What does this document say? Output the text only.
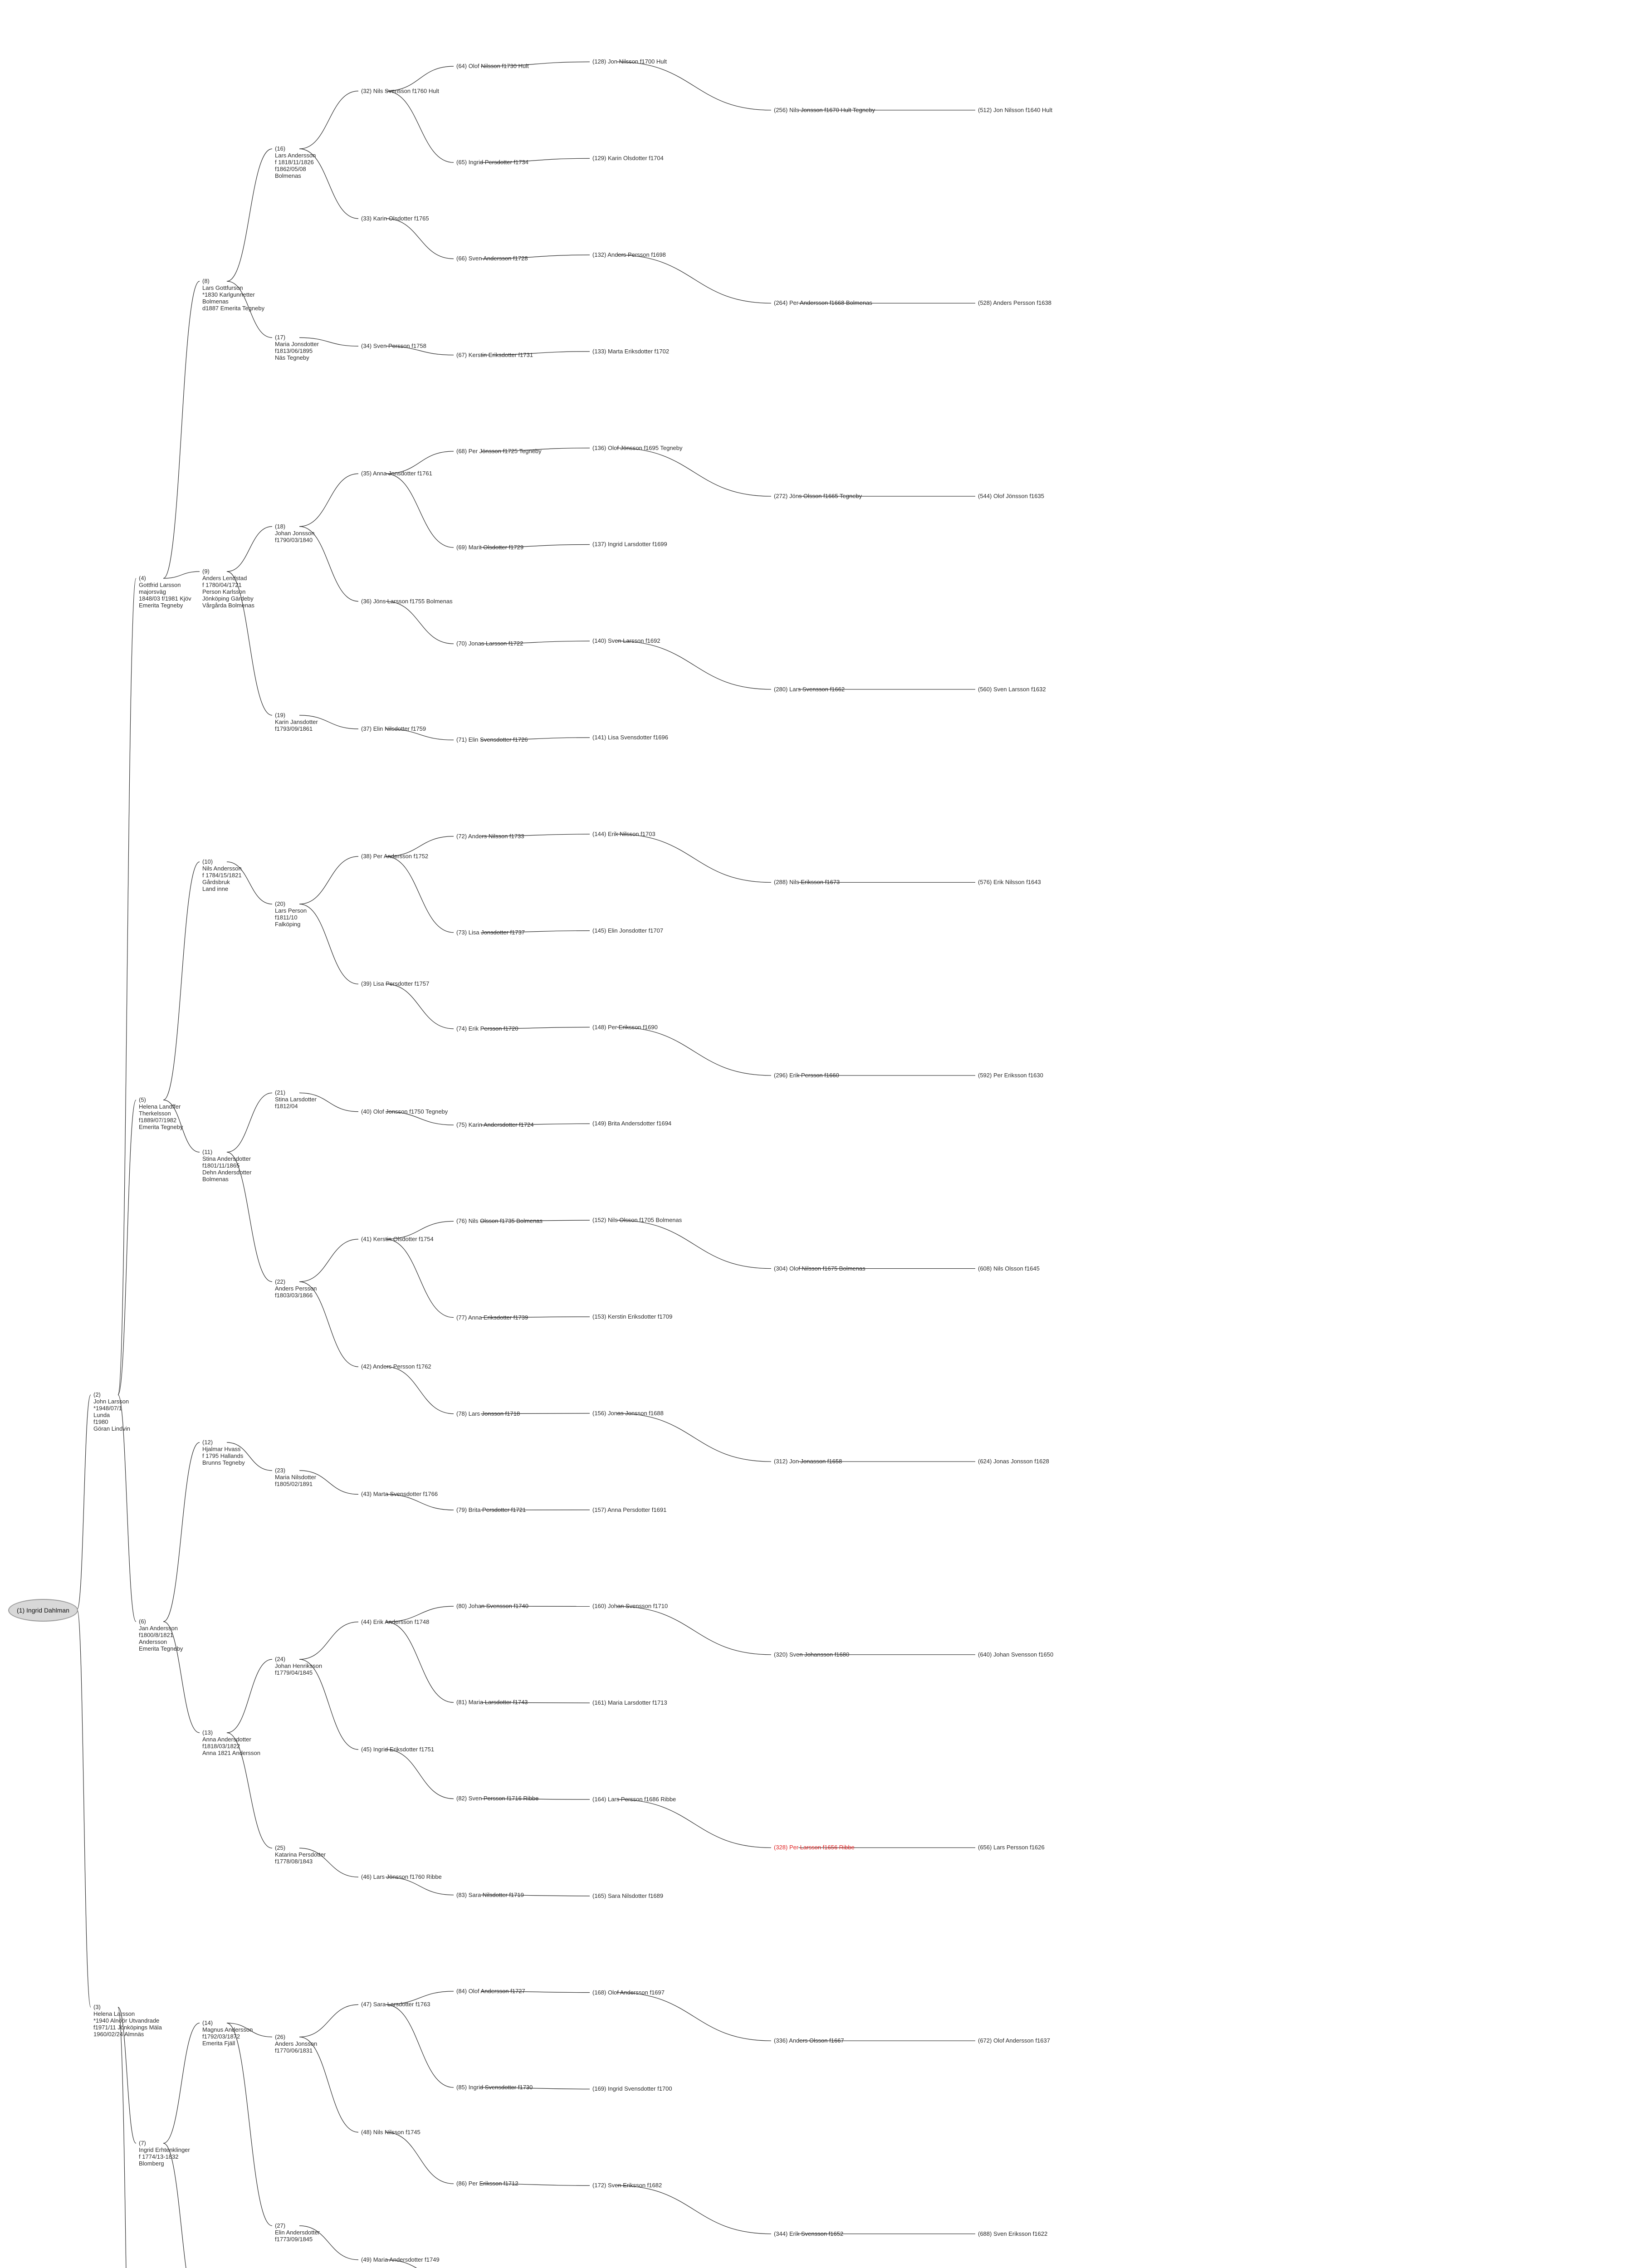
(1) Ingrid Dahlman
(2)
John Larsson
*1948/07/1
Lunda
f1980
Göran Lindvin
(3)
Helena Larsson
*1940 Alnöör Utvandrade
f1971/11 Jönköpings Mäla
1960/02/24 Almnäs
(4)
Gottfrid Larsson
majorsväg
1848/03 f/1981 Kjöv
Emerita Tegneby
(5)
Helena Landffer
Therkelsson
f1889/07/1982
Emerita Tegneby
(6)
Jan Andersson
f1800/8/1821
Andersson
Emerita Tegneby
(7)
Ingrid Erhtenklinger
f 1774/13-1832
Blomberg
(8)
Lars Gottfurson
*1830 Karlgunnetter
Bolmenas
d1887 Emerita Tegneby
(9)
Anders Lendstad
f 1780/04/1721
Person Karlsson
Jönköping Gärdeby
Vårgårda Bolmenas
(10)
Nils Andersson
f 1784/15/1821
Gårdsbruk
Land inne
(11)
Stina Andersdotter
f1801/11/1865
Dehn Andersdotter
Bolmenas
(12)
Hjalmar Hvass
f 1795 Hallands
Brunns Tegneby
(13)
Anna Andersdotter
f1818/03/1822
Anna 1821 Andersson
(14)
Magnus Andersson
f1792/03/1872
Emerita Fjäll
(16)
Lars Andersson
f 1818/11/1826
f1862/05/08
Bolmenas
(17)
Maria Jonsdotter
f1813/06/1895
Näs Tegneby
(18)
Johan Jonsson
f1790/03/1840
(19)
Karin Jansdotter
f1793/09/1861
(20)
Lars Person
f1811/10
Falköping
(21)
Stina Larsdotter
f1812/04
(22)
Anders Persson
f1803/03/1866
(23)
Maria Nilsdotter
f1805/02/1891
(24)
Johan Henriksson
f1779/04/1845
(25)
Katarina Persdotter
f1778/08/1843
(26)
Anders Jonsson
f1770/06/1831
(27)
Elin Andersdotter
f1773/09/1845
(32) Nils Svensson f1760 Hult
(33) Karin Olsdotter f1765
(34) Sven Persson f1758
(35) Anna Jonsdotter f1761
(36) Jöns Larsson f1755 Bolmenas
(37) Elin Nilsdotter f1759
(38) Per Andersson f1752
(39) Lisa Persdotter f1757
(40) Olof Jonsson f1750 Tegneby
(41) Kerstin Olsdotter f1754
(42) Anders Persson f1762
(43) Marta Svensdotter f1766
(44) Erik Andersson f1748
(45) Ingrid Eriksdotter f1751
(46) Lars Jönsson f1760 Ribbe
(47) Sara Larsdotter f1763
(48) Nils Nilsson f1745
(49) Maria Andersdotter f1749
(64) Olof Nilsson f1730 Hult
(65) Ingrid Persdotter f1734
(66) Sven Andersson f1728
(67) Kerstin Eriksdotter f1731
(68) Per Jönsson f1725 Tegneby
(69) Marit Olsdotter f1729
(70) Jonas Larsson f1722
(71) Elin Svensdotter f1726
(72) Anders Nilsson f1733
(73) Lisa Jonsdotter f1737
(74) Erik Persson f1720
(75) Karin Andersdotter f1724
(76) Nils Olsson f1735 Bolmenas
(77) Anna Eriksdotter f1739
(78) Lars Jonsson f1718
(79) Brita Persdotter f1721
(80) Johan Svensson f1740
(81) Maria Larsdotter f1743
(82) Sven Persson f1716 Ribbe
(83) Sara Nilsdotter f1719
(84) Olof Andersson f1727
(85) Ingrid Svensdotter f1730
(86) Per Eriksson f1712
(128) Jon Nilsson f1700 Hult
(129) Karin Olsdotter f1704
(132) Anders Persson f1698
(133) Marta Eriksdotter f1702
(136) Olof Jönsson f1695 Tegneby
(137) Ingrid Larsdotter f1699
(140) Sven Larsson f1692
(141) Lisa Svensdotter f1696
(144) Erik Nilsson f1703
(145) Elin Jonsdotter f1707
(148) Per Eriksson f1690
(149) Brita Andersdotter f1694
(152) Nils Olsson f1705 Bolmenas
(153) Kerstin Eriksdotter f1709
(156) Jonas Jonsson f1688
(157) Anna Persdotter f1691
(160) Johan Svensson f1710
(161) Maria Larsdotter f1713
(164) Lars Persson f1686 Ribbe
(165) Sara Nilsdotter f1689
(168) Olof Andersson f1697
(169) Ingrid Svensdotter f1700
(172) Sven Eriksson f1682
(256) Nils Jonsson f1670 Hult Tegneby
(264) Per Andersson f1668 Bolmenas
(272) Jöns Olsson f1665 Tegneby
(280) Lars Svensson f1662
(288) Nils Eriksson f1673
(296) Erik Persson f1660
(304) Olof Nilsson f1675 Bolmenas
(312) Jon Jonasson f1658
(320) Sven Johansson f1680
(328) Per Larsson f1656 Ribbe
(336) Anders Olsson f1667
(344) Erik Svensson f1652
(512) Jon Nilsson f1640 Hult
(528) Anders Persson f1638
(544) Olof Jönsson f1635
(560) Sven Larsson f1632
(576) Erik Nilsson f1643
(592) Per Eriksson f1630
(608) Nils Olsson f1645
(624) Jonas Jonsson f1628
(640) Johan Svensson f1650
(656) Lars Persson f1626
(672) Olof Andersson f1637
(688) Sven Eriksson f1622
